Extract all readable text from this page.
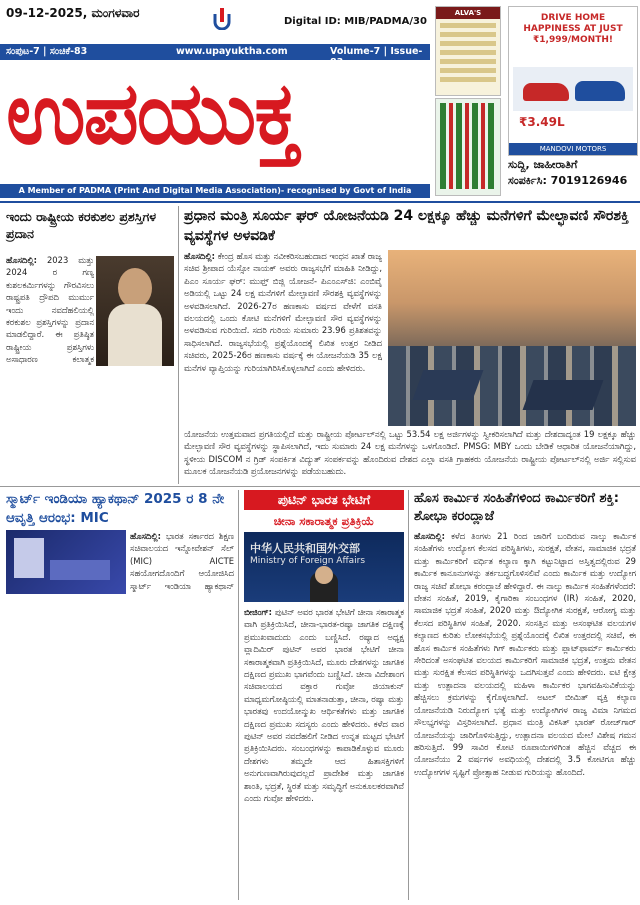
09-12-2025, ಮಂಗಳವಾರ
Digital ID: MIB/PADMA/30
ಸಂಪುಟ-7 | ಸಂಚಿಕೆ-83	www.upayuktha.com	Volume-7 | Issue-83
ಉಪಯುಕ್ತ
A Member of PADMA (Print And Digital Media Association)- recognised by Govt of India
ALVA'S	DRIVE HOME HAPPINESS AT JUST ₹1,999/MONTH!
₹3.49L
MANDOVI MOTORS
ಸುದ್ದಿ, ಜಾಹೀರಾತಿಗೆ
ಸಂಪರ್ಕಿಸಿ: 7019126946
ಇಂದು ರಾಷ್ಟ್ರೀಯ ಕರಕುಶಲ ಪ್ರಶಸ್ತಿಗಳ ಪ್ರದಾನ
ಹೊಸದಿಲ್ಲಿ: 2023 ಮತ್ತು 2024 ರ ಗಣ್ಯ ಕುಶಲಕರ್ಮಿಗಳನ್ನು ಗೌರವಿಸಲು ರಾಷ್ಟ್ರಪತಿ ದ್ರೌಪದಿ ಮುರ್ಮು ಇಂದು ನವದೆಹಲಿಯಲ್ಲಿ ಕರಕುಶಲ ಪ್ರಶಸ್ತಿಗಳನ್ನು ಪ್ರದಾನ ಮಾಡಲಿದ್ದಾರೆ. ಈ ಪ್ರತಿಷ್ಠಿತ ರಾಷ್ಟ್ರೀಯ ಪ್ರಶಸ್ತಿಗಳು ಅಸಾಧಾರಣ ಕಲಾತ್ಮಕ
ಪ್ರಧಾನ ಮಂತ್ರಿ ಸೂರ್ಯ ಘರ್ ಯೋಜನೆಯಡಿ 24 ಲಕ್ಷಕ್ಕೂ ಹೆಚ್ಚು ಮನೆಗಳಿಗೆ ಮೇಲ್ಛಾವಣಿ ಸೌರಶಕ್ತಿ ವ್ಯವಸ್ಥೆಗಳ ಅಳವಡಿಕೆ
ಹೊಸದಿಲ್ಲಿ: ಕೇಂದ್ರ ಹೊಸ ಮತ್ತು ನವೀಕರಿಸಬಹುದಾದ ಇಂಧನ ಖಾತೆ ರಾಜ್ಯ ಸಚಿವ ಶ್ರೀಪಾದ ಯೆಸ್ಸೋ ನಾಯಕ್ ಅವರು ರಾಜ್ಯಸಭೆಗೆ ಮಾಹಿತಿ ನೀಡಿದ್ದು, ಪಿಎಂ ಸೂರ್ಯ ಘರ್: ಮುಫ್ತ್ ಬಿಜ್ಲಿ ಯೋಜನೆ- ಪಿಎಂಎಸ್‌ಜಿ: ಎಂಬಿವೈ ಅಡಿಯಲ್ಲಿ ಒಟ್ಟು 24 ಲಕ್ಷ ಮನೆಗಳಿಗೆ ಮೇಲ್ಛಾವಣಿ ಸೌರಶಕ್ತಿ ವ್ಯವಸ್ಥೆಗಳನ್ನು ಅಳವಡಿಸಲಾಗಿದೆ. 2026-27ರ ಹಣಕಾಸು ವರ್ಷದ ವೇಳೆಗೆ ವಸತಿ ವಲಯದಲ್ಲಿ ಒಂದು ಕೋಟಿ ಮನೆಗಳಿಗೆ ಮೇಲ್ಛಾವಣಿ ಸೌರ ವ್ಯವಸ್ಥೆಗಳನ್ನು ಅಳವಡಿಸುವ ಗುರಿಯಿದೆ. ಸದರಿ ಗುರಿಯ ಸುಮಾರು 23.96 ಪ್ರತಿಶತವನ್ನು ಸಾಧಿಸಲಾಗಿದೆ. ರಾಜ್ಯಸಭೆಯಲ್ಲಿ ಪ್ರಶ್ನೆಯೊಂದಕ್ಕೆ ಲಿಖಿತ ಉತ್ತರ ನೀಡಿದ ಸಚಿವರು, 2025-26ರ ಹಣಕಾಸು ವರ್ಷಕ್ಕೆ ಈ ಯೋಜನೆಯಡಿ 35 ಲಕ್ಷ ಮನೆಗಳ ವ್ಯಾಪ್ತಿಯನ್ನು ಗುರಿಯಾಗಿರಿಸಿಕೊಳ್ಳಲಾಗಿದೆ ಎಂದು ಹೇಳಿದರು.
ಯೋಜನೆಯ ಉತ್ತಮವಾದ ಪ್ರಗತಿಯಲ್ಲಿದೆ ಮತ್ತು ರಾಷ್ಟ್ರೀಯ ಪೋರ್ಟಲ್‌ನಲ್ಲಿ ಒಟ್ಟು 53.54 ಲಕ್ಷ ಅರ್ಜಿಗಳನ್ನು ಸ್ವೀಕರಿಸಲಾಗಿದೆ ಮತ್ತು ದೇಶದಾದ್ಯಂತ 19 ಲಕ್ಷಕ್ಕೂ ಹೆಚ್ಚು ಮೇಲ್ಛಾವಣಿ ಸೌರ ವ್ಯವಸ್ಥೆಗಳನ್ನು ಸ್ಥಾಪಿಸಲಾಗಿದೆ, ಇದು ಸುಮಾರು 24 ಲಕ್ಷ ಮನೆಗಳನ್ನು ಒಳಗೊಂಡಿದೆ. PMSG: MBY ಒಂದು ಬೇಡಿಕೆ ಆಧಾರಿತ ಯೋಜನೆಯಾಗಿದ್ದು, ಸ್ಥಳೀಯ DISCOM ನ ಗ್ರಿಡ್ ಸಂಪರ್ಕಿತ ವಿದ್ಯುತ್ ಸಂಪರ್ಕವನ್ನು ಹೊಂದಿರುವ ದೇಶದ ಎಲ್ಲಾ ವಸತಿ ಗ್ರಾಹಕರು ಯೋಜನೆಯ ರಾಷ್ಟ್ರೀಯ ಪೋರ್ಟಲ್‌ನಲ್ಲಿ ಅರ್ಜಿ ಸಲ್ಲಿಸುವ ಮೂಲಕ ಯೋಜನೆಯಡಿ ಪ್ರಯೋಜನಗಳನ್ನು ಪಡೆಯಬಹುದು.
ಸ್ಮಾರ್ಟ್ ಇಂಡಿಯಾ ಹ್ಯಾಕಥಾನ್ 2025 ರ 8 ನೇ ಆವೃತ್ತಿ ಆರಂಭ: MIC
ಹೊಸದಿಲ್ಲಿ: ಭಾರತ ಸರ್ಕಾರದ ಶಿಕ್ಷಣ ಸಚಿವಾಲಯದ ಇನ್ನೋವೇಶನ್ ಸೆಲ್ (MIC) AICTE ಸಹಯೋಗದೊಂದಿಗೆ ಆಯೋಜಿಸಿದ ಸ್ಮಾರ್ಟ್ ಇಂಡಿಯಾ ಹ್ಯಾಕಥಾನ್
ಪುಟಿನ್ ಭಾರತ ಭೇಟಿಗೆ
ಚೀನಾ ಸಕಾರಾತ್ಮಕ ಪ್ರತಿಕ್ರಿಯೆ
中华人民共和国外交部
Ministry of Foreign Affairs
ಬೀಜಿಂಗ್: ಪುಟಿನ್ ಅವರ ಭಾರತ ಭೇಟಿಗೆ ಚೀನಾ ಸಕಾರಾತ್ಮಕ ವಾಗಿ ಪ್ರತಿಕ್ರಿಯಿಸಿದೆ, ಚೀನಾ-ಭಾರತ-ರಷ್ಯಾ ಜಾಗತಿಕ ದಕ್ಷಿಣಕ್ಕೆ ಪ್ರಮುಖವಾದುದು ಎಂದು ಬಣ್ಣಿಸಿದೆ. ರಷ್ಯಾದ ಅಧ್ಯಕ್ಷ ವ್ಲಾದಿಮಿರ್ ಪುಟಿನ್ ಅವರ ಭಾರತ ಭೇಟಿಗೆ ಚೀನಾ ಸಕಾರಾತ್ಮಕವಾಗಿ ಪ್ರತಿಕ್ರಿಯಿಸಿದೆ, ಮೂರು ದೇಶಗಳನ್ನು ಜಾಗತಿಕ ದಕ್ಷಿಣದ ಪ್ರಮುಖ ಭಾಗವೆಂದು ಬಣ್ಣಿಸಿದೆ. ಚೀನಾ ವಿದೇಶಾಂಗ ಸಚಿವಾಲಯದ ವಕ್ತಾರ ಗುವೋ ಜಿಯಾಕುನ್ ಮಾಧ್ಯಮಗೋಷ್ಠಿಯಲ್ಲಿ ಮಾತನಾಡುತ್ತಾ, ಚೀನಾ, ರಷ್ಯಾ ಮತ್ತು ಭಾರತವು ಉದಯೋನ್ಮುಖ ಆರ್ಥಿಕತೆಗಳು ಮತ್ತು ಜಾಗತಿಕ ದಕ್ಷಿಣದ ಪ್ರಮುಖ ಸದಸ್ಯರು ಎಂದು ಹೇಳಿದರು. ಕಳೆದ ವಾರ ಪುಟಿನ್ ಅವರ ನವದೆಹಲಿಗೆ ನೀಡಿದ ಉನ್ನತ ಮಟ್ಟದ ಭೇಟಿಗೆ ಪ್ರತಿಕ್ರಿಯಿಸಿದರು. ಸಂಬಂಧಗಳನ್ನು ಕಾಪಾಡಿಕೊಳ್ಳುವ ಮೂರು ದೇಶಗಳು ತಮ್ಮದೇ ಆದ ಹಿತಾಸಕ್ತಿಗಳಿಗೆ ಅನುಗುಣವಾಗಿರುವುದಲ್ಲದೆ ಪ್ರಾದೇಶಿಕ ಮತ್ತು ಜಾಗತಿಕ ಶಾಂತಿ, ಭದ್ರತೆ, ಸ್ಥಿರತೆ ಮತ್ತು ಸಮೃದ್ಧಿಗೆ ಅನುಕೂಲಕರವಾಗಿವೆ ಎಂದು ಗುವೋ ಹೇಳಿದರು.
ಹೊಸ ಕಾರ್ಮಿಕ ಸಂಹಿತೆಗಳಿಂದ ಕಾರ್ಮಿಕರಿಗೆ ಶಕ್ತಿ: ಶೋಭಾ ಕರಂದ್ಲಾಜೆ
ಹೊಸದಿಲ್ಲಿ: ಕಳೆದ ತಿಂಗಳು 21 ರಿಂದ ಜಾರಿಗೆ ಬಂದಿರುವ ನಾಲ್ಕು ಕಾರ್ಮಿಕ ಸಂಹಿತೆಗಳು ಉದ್ಯೋಗ ಕೆಲಸದ ಪರಿಸ್ಥಿತಿಗಳು, ಸುರಕ್ಷತೆ, ವೇತನ, ಸಾಮಾಜಿಕ ಭದ್ರತೆ ಮತ್ತು ಕಾರ್ಮಿಕರಿಗೆ ವರ್ಧಿತ ಕಲ್ಯಾಣ ಕ್ಕಾಗಿ ಕಟ್ಟುನಿಟ್ಟಾದ ಅಸ್ತಿತ್ವದಲ್ಲಿರುವ 29 ಕಾರ್ಮಿಕ ಕಾನೂನುಗಳನ್ನು ತರ್ಕಬದ್ಧಗೊಳಿಸಲಿವೆ ಎಂದು ಕಾರ್ಮಿಕ ಮತ್ತು ಉದ್ಯೋಗ ರಾಜ್ಯ ಸಚಿವೆ ಶೋಭಾ ಕರಂದ್ಲಾಜೆ ಹೇಳಿದ್ದಾರೆ. ಈ ನಾಲ್ಕು ಕಾರ್ಮಿಕ ಸಂಹಿತೆಗಳೆಂದರೆ: ವೇತನ ಸಂಹಿತೆ, 2019, ಕೈಗಾರಿಕಾ ಸಂಬಂಧಗಳ (IR) ಸಂಹಿತೆ, 2020, ಸಾಮಾಜಿಕ ಭದ್ರತೆ ಸಂಹಿತೆ, 2020 ಮತ್ತು ಔದ್ಯೋಗಿಕ ಸುರಕ್ಷತೆ, ಆರೋಗ್ಯ ಮತ್ತು ಕೆಲಸದ ಪರಿಸ್ಥಿತಿಗಳ ಸಂಹಿತೆ, 2020. ಸಂಸತ್ತಿನ ಮತ್ತು ಅಸಂಘಟಿತ ವಲಯಗಳ ಕಲ್ಯಾಣದ ಕುರಿತು ಲೋಕಸಭೆಯಲ್ಲಿ ಪ್ರಶ್ನೆಯೊಂದಕ್ಕೆ ಲಿಖಿತ ಉತ್ತರದಲ್ಲಿ ಸಚಿವೆ, ಈ ಹೊಸ ಕಾರ್ಮಿಕ ಸಂಹಿತೆಗಳು ಗಿಗ್ ಕಾರ್ಮಿಕರು ಮತ್ತು ಪ್ಲಾಟ್‌ಫಾರ್ಮ್ ಕಾರ್ಮಿಕರು ಸೇರಿದಂತೆ ಅಸಂಘಟಿತ ವಲಯದ ಕಾರ್ಮಿಕರಿಗೆ ಸಾಮಾಜಿಕ ಭದ್ರತೆ, ಉತ್ತಮ ವೇತನ ಮತ್ತು ಸುರಕ್ಷಿತ ಕೆಲಸದ ಪರಿಸ್ಥಿತಿಗಳನ್ನು ಒದಗಿಸುತ್ತವೆ ಎಂದು ಹೇಳಿದರು. ಐಟಿ ಕ್ಷೇತ್ರ ಮತ್ತು ಉತ್ಪಾದನಾ ವಲಯದಲ್ಲಿ ಮಹಿಳಾ ಕಾರ್ಮಿಕರ ಭಾಗವಹಿಸುವಿಕೆಯನ್ನು ಹೆಚ್ಚಿಸಲು ಕ್ರಮಗಳನ್ನು ಕೈಗೊಳ್ಳಲಾಗಿದೆ. ಅಟಲ್ ಬೀಮಿತ್ ವ್ಯಕ್ತಿ ಕಲ್ಯಾಣ ಯೋಜನೆಯಡಿ ನಿರುದ್ಯೋಗ ಭತ್ಯೆ ಮತ್ತು ಉದ್ಯೋಗಿಗಳ ರಾಜ್ಯ ವಿಮಾ ನಿಗಮದ ಸೌಲಭ್ಯಗಳನ್ನು ವಿಸ್ತರಿಸಲಾಗಿದೆ. ಪ್ರಧಾನ ಮಂತ್ರಿ ವಿಕಸಿತ್ ಭಾರತ್ ರೋಜ್‌ಗಾರ್ ಯೋಜನೆಯನ್ನು ಜಾರಿಗೊಳಿಸುತ್ತಿದ್ದು, ಉತ್ಪಾದನಾ ವಲಯದ ಮೇಲೆ ವಿಶೇಷ ಗಮನ ಹರಿಸುತ್ತಿದೆ. 99 ಸಾವಿರ ಕೋಟಿ ರೂಪಾಯಿಗಳಿಗಿಂತ ಹೆಚ್ಚಿನ ವೆಚ್ಚದ ಈ ಯೋಜನೆಯು 2 ವರ್ಷಗಳ ಅವಧಿಯಲ್ಲಿ ದೇಶದಲ್ಲಿ 3.5 ಕೋಟಿಗೂ ಹೆಚ್ಚು ಉದ್ಯೋಗಗಳ ಸೃಷ್ಟಿಗೆ ಪ್ರೋತ್ಸಾಹ ನೀಡುವ ಗುರಿಯನ್ನು ಹೊಂದಿದೆ.
